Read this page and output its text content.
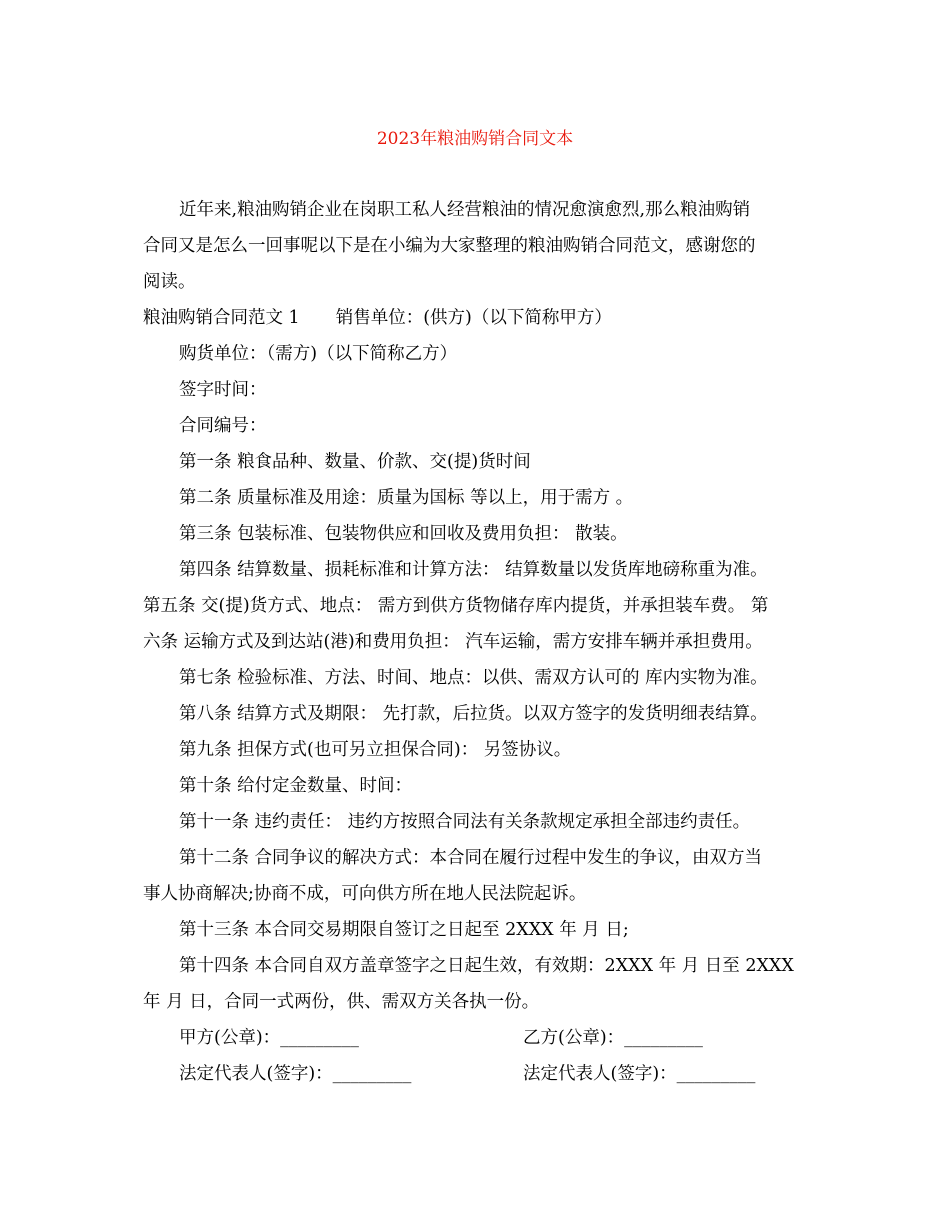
2023年粮油购销合同文本

近年来,粮油购销企业在岗职工私人经营粮油的情况愈演愈烈,那么粮油购销

合同又是怎么一回事呢以下是在小编为大家整理的粮油购销合同范文，感谢您的

阅读。

粮油购销合同范文 1 销售单位：(供方)（以下简称甲方）

购货单位：（需方)（以下简称乙方）

签字时间：

合同编号：

第一条 粮食品种、数量、价款、交(提)货时间

第二条 质量标准及用途：质量为国标 等以上，用于需方 。

第三条 包装标准、包装物供应和回收及费用负担： 散装。

第四条 结算数量、损耗标准和计算方法： 结算数量以发货库地磅称重为准。

第五条 交(提)货方式、地点： 需方到供方货物储存库内提货，并承担装车费。 第

六条 运输方式及到达站(港)和费用负担： 汽车运输，需方安排车辆并承担费用。

第七条 检验标准、方法、时间、地点：以供、需双方认可的 库内实物为准。

第八条 结算方式及期限： 先打款，后拉货。以双方签字的发货明细表结算。

第九条 担保方式(也可另立担保合同)： 另签协议。

第十条 给付定金数量、时间：

第十一条 违约责任： 违约方按照合同法有关条款规定承担全部违约责任。

第十二条 合同争议的解决方式：本合同在履行过程中发生的争议，由双方当

事人协商解决;协商不成，可向供方所在地人民法院起诉。

第十三条 本合同交易期限自签订之日起至 2XXX 年 月 日;

第十四条 本合同自双方盖章签字之日起生效，有效期：2XXX 年 月 日至 2XXX

年 月 日，合同一式两份，供、需双方关各执一份。

甲方(公章)：_________	乙方(公章)：_________
法定代表人(签字)：_________	法定代表人(签字)：_________
